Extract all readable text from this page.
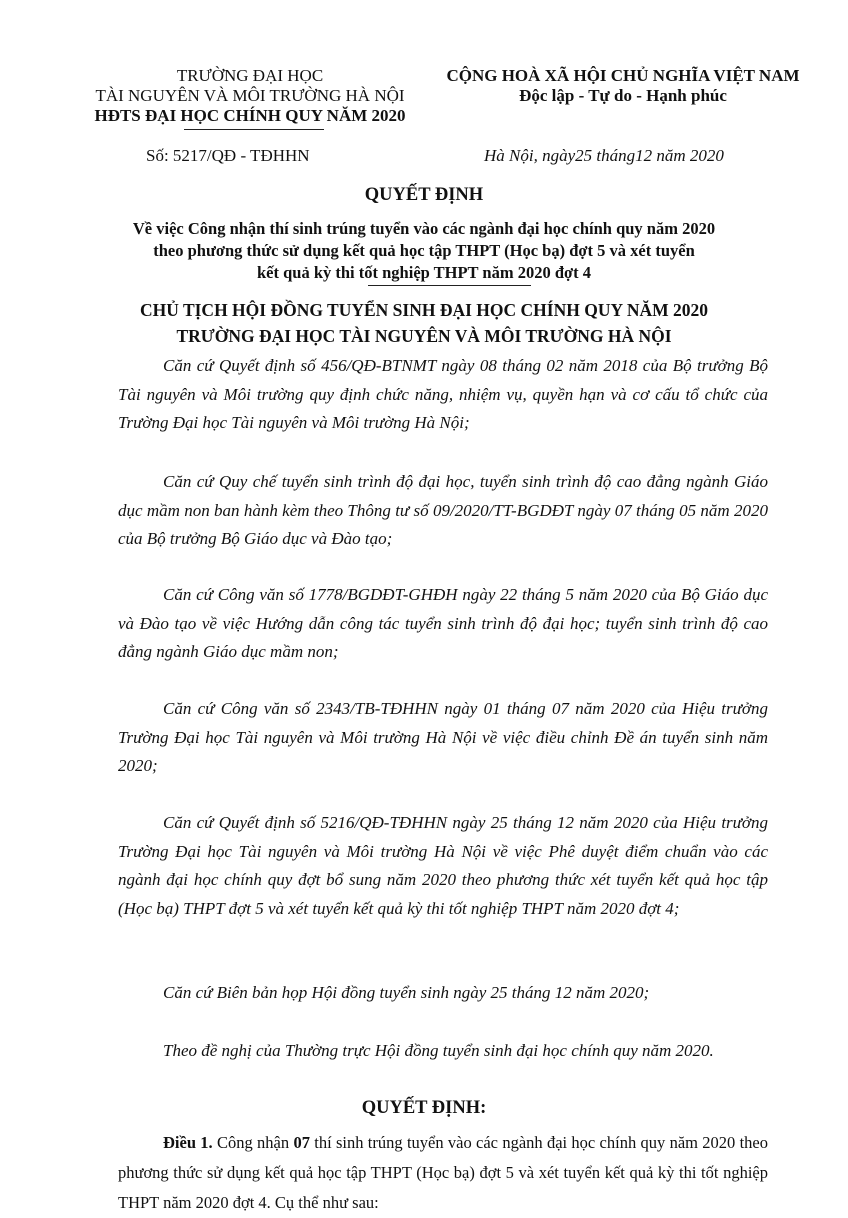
TRƯỜNG ĐẠI HỌC
TÀI NGUYÊN VÀ MÔI TRƯỜNG HÀ NỘI
HĐTS ĐẠI HỌC CHÍNH QUY NĂM 2020
CỘNG HOÀ XÃ HỘI CHỦ NGHĨA VIỆT NAM
Độc lập - Tự do - Hạnh phúc
Số: 5217/QĐ - TĐHHN	Hà Nội, ngày25 tháng12 năm 2020
QUYẾT ĐỊNH
Về việc Công nhận thí sinh trúng tuyển vào các ngành đại học chính quy năm 2020
theo phương thức sử dụng kết quả học tập THPT (Học bạ) đợt 5 và xét tuyển
kết quả kỳ thi tốt nghiệp THPT năm 2020 đợt 4
CHỦ TỊCH HỘI ĐỒNG TUYỂN SINH ĐẠI HỌC CHÍNH QUY NĂM 2020
TRƯỜNG ĐẠI HỌC TÀI NGUYÊN VÀ MÔI TRƯỜNG HÀ NỘI
Căn cứ Quyết định số 456/QĐ-BTNMT ngày 08 tháng 02 năm 2018 của Bộ trưởng Bộ Tài nguyên và Môi trường quy định chức năng, nhiệm vụ, quyền hạn và cơ cấu tổ chức của Trường Đại học Tài nguyên và Môi trường Hà Nội;
Căn cứ Quy chế tuyển sinh trình độ đại học, tuyển sinh trình độ cao đẳng ngành Giáo dục mầm non ban hành kèm theo Thông tư số 09/2020/TT-BGDĐT ngày 07 tháng 05 năm 2020 của Bộ trưởng Bộ Giáo dục và Đào tạo;
Căn cứ Công văn số 1778/BGDĐT-GHĐH ngày 22 tháng 5 năm 2020 của Bộ Giáo dục và Đào tạo về việc Hướng dẫn công tác tuyển sinh trình độ đại học; tuyển sinh trình độ cao đẳng ngành Giáo dục mầm non;
Căn cứ Công văn số 2343/TB-TĐHHN ngày 01 tháng 07 năm 2020 của Hiệu trưởng Trường Đại học Tài nguyên và Môi trường Hà Nội về việc điều chỉnh Đề án tuyển sinh năm 2020;
Căn cứ Quyết định số 5216/QĐ-TĐHHN ngày 25 tháng 12 năm 2020 của Hiệu trưởng Trường Đại học Tài nguyên và Môi trường Hà Nội về việc Phê duyệt điểm chuẩn vào các ngành đại học chính quy đợt bổ sung năm 2020 theo phương thức xét tuyển kết quả học tập (Học bạ) THPT đợt 5 và xét tuyển kết quả kỳ thi tốt nghiệp THPT năm 2020 đợt 4;
Căn cứ Biên bản họp Hội đồng tuyển sinh ngày 25 tháng 12 năm 2020;
Theo đề nghị của Thường trực Hội đồng tuyển sinh đại học chính quy năm 2020.
QUYẾT ĐỊNH:
Điều 1. Công nhận 07 thí sinh trúng tuyển vào các ngành đại học chính quy năm 2020 theo phương thức sử dụng kết quả học tập THPT (Học bạ) đợt 5 và xét tuyển kết quả kỳ thi tốt nghiệp THPT năm 2020 đợt 4. Cụ thể như sau:
